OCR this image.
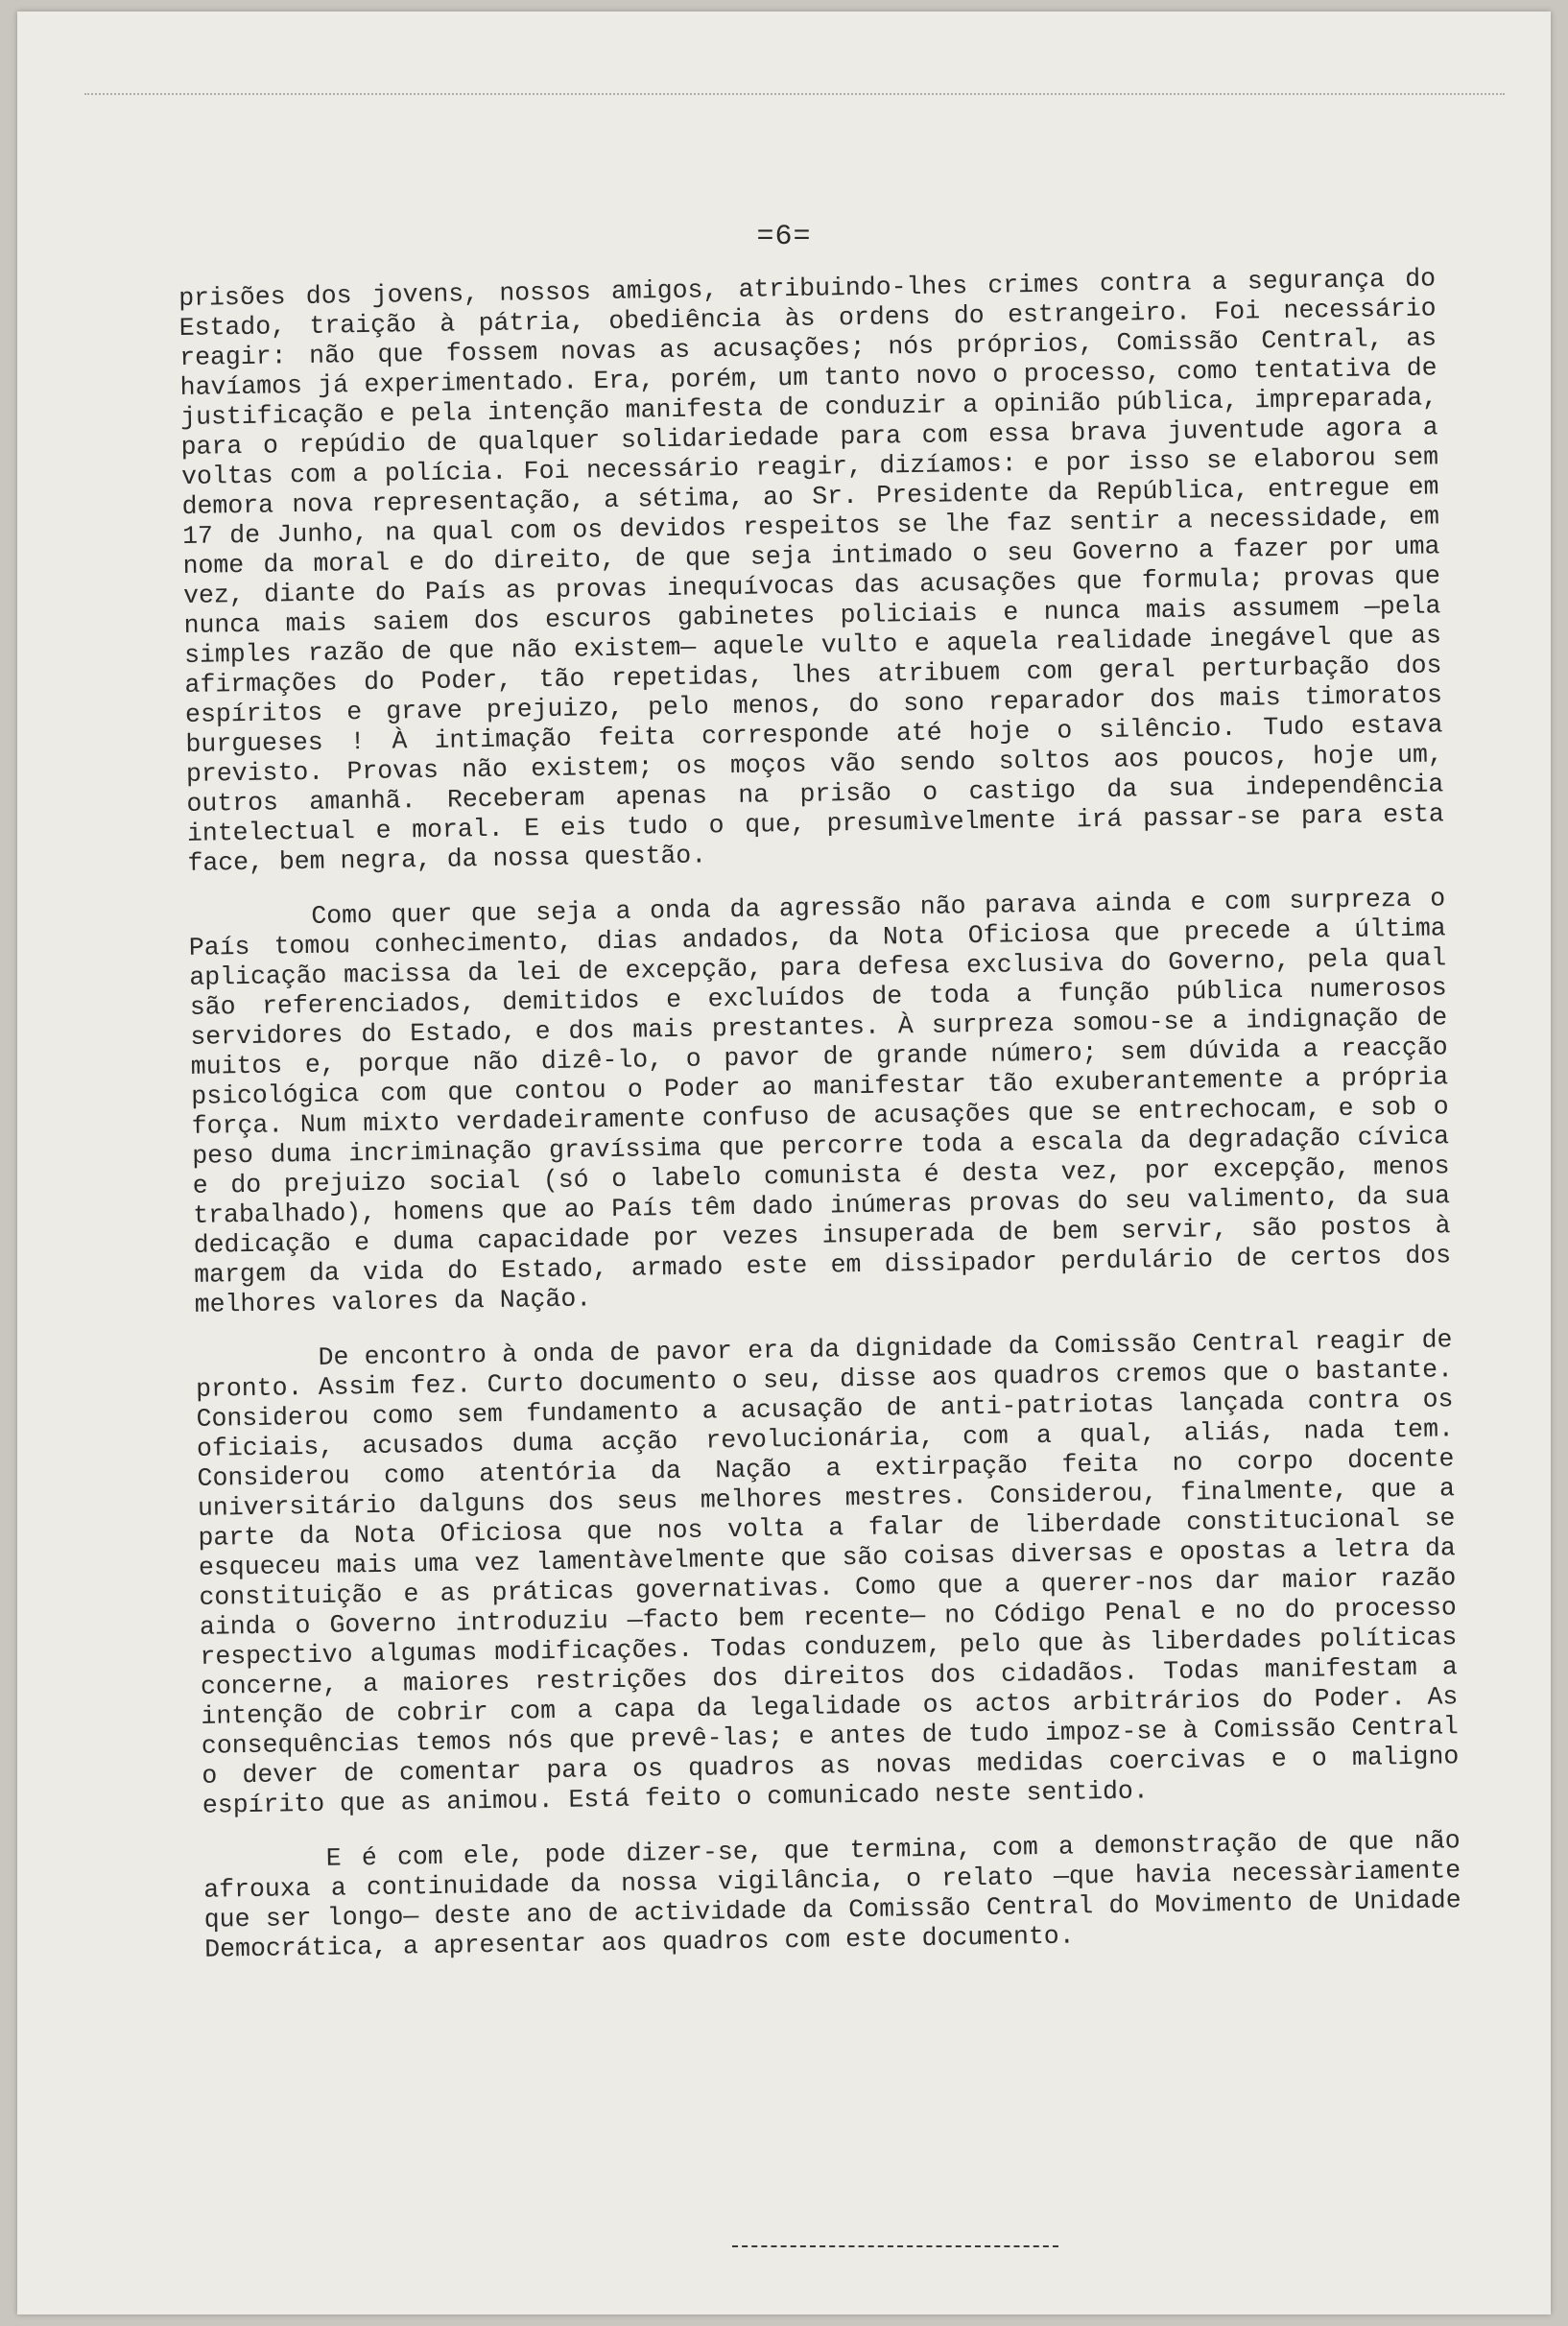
=6=

prisões dos jovens, nossos amigos, atribuindo-lhes crimes contra a segurança do Estado, traição à pátria, obediência às ordens do estrangeiro. Foi necessário reagir: não que fossem novas as acusações; nós próprios, Comissão Central, as havíamos já experimentado. Era, porém, um tanto novo o processo, como tentativa de justificação e pela intenção manifesta de conduzir a opinião pública, impreparada, para o repúdio de qualquer solidariedade para com essa brava juventude agora a voltas com a polícia. Foi necessário reagir, dizíamos: e por isso se elaborou sem demora nova representação, a sétima, ao Sr. Presidente da República, entregue em 17 de Junho, na qual com os devidos respeitos se lhe faz sentir a necessidade, em nome da moral e do direito, de que seja intimado o seu Governo a fazer por uma vez, diante do País as provas inequívocas das acusações que formula; provas que nunca mais saiem dos escuros gabinetes policiais e nunca mais assumem —pela simples razão de que não existem— aquele vulto e aquela realidade inegável que as afirmações do Poder, tão repetidas, lhes atribuem com geral perturbação dos espíritos e grave prejuizo, pelo menos, do sono reparador dos mais timoratos burgueses ! À intimação feita corresponde até hoje o silêncio. Tudo estava previsto. Provas não existem; os moços vão sendo soltos aos poucos, hoje um, outros amanhã. Receberam apenas na prisão o castigo da sua independência intelectual e moral. E eis tudo o que, presumìvelmente irá passar-se para esta face, bem negra, da nossa questão.

Como quer que seja a onda da agressão não parava ainda e com surpreza o País tomou conhecimento, dias andados, da Nota Oficiosa que precede a última aplicação macissa da lei de excepção, para defesa exclusiva do Governo, pela qual são referenciados, demitidos e excluídos de toda a função pública numerosos servidores do Estado, e dos mais prestantes. À surpreza somou-se a indignação de muitos e, porque não dizê-lo, o pavor de grande número; sem dúvida a reacção psicológica com que contou o Poder ao manifestar tão exuberantemente a própria força. Num mixto verdadeiramente confuso de acusações que se entrechocam, e sob o peso duma incriminação gravíssima que percorre toda a escala da degradação cívica e do prejuizo social (só o labelo comunista é desta vez, por excepção, menos trabalhado), homens que ao País têm dado inúmeras provas do seu valimento, da sua dedicação e duma capacidade por vezes insuperada de bem servir, são postos à margem da vida do Estado, armado este em dissipador perdulário de certos dos melhores valores da Nação.

De encontro à onda de pavor era da dignidade da Comissão Central reagir de pronto. Assim fez. Curto documento o seu, disse aos quadros cremos que o bastante. Considerou como sem fundamento a acusação de anti-patriotas lançada contra os oficiais, acusados duma acção revolucionária, com a qual, aliás, nada tem. Considerou como atentória da Nação a extirpação feita no corpo docente universitário dalguns dos seus melhores mestres. Considerou, finalmente, que a parte da Nota Oficiosa que nos volta a falar de liberdade constitucional se esqueceu mais uma vez lamentàvelmente que são coisas diversas e opostas a letra da constituição e as práticas governativas. Como que a querer-nos dar maior razão ainda o Governo introduziu —facto bem recente— no Código Penal e no do processo respectivo algumas modificações. Todas conduzem, pelo que às liberdades políticas concerne, a maiores restrições dos direitos dos cidadãos. Todas manifestam a intenção de cobrir com a capa da legalidade os actos arbitrários do Poder. As consequências temos nós que prevê-las; e antes de tudo impoz-se à Comissão Central o dever de comentar para os quadros as novas medidas coercivas e o maligno espírito que as animou. Está feito o comunicado neste sentido.

E é com ele, pode dizer-se, que termina, com a demonstração de que não afrouxa a continuidade da nossa vigilância, o relato —que havia necessàriamente que ser longo— deste ano de actividade da Comissão Central do Movimento de Unidade Democrática, a apresentar aos quadros com este documento.
